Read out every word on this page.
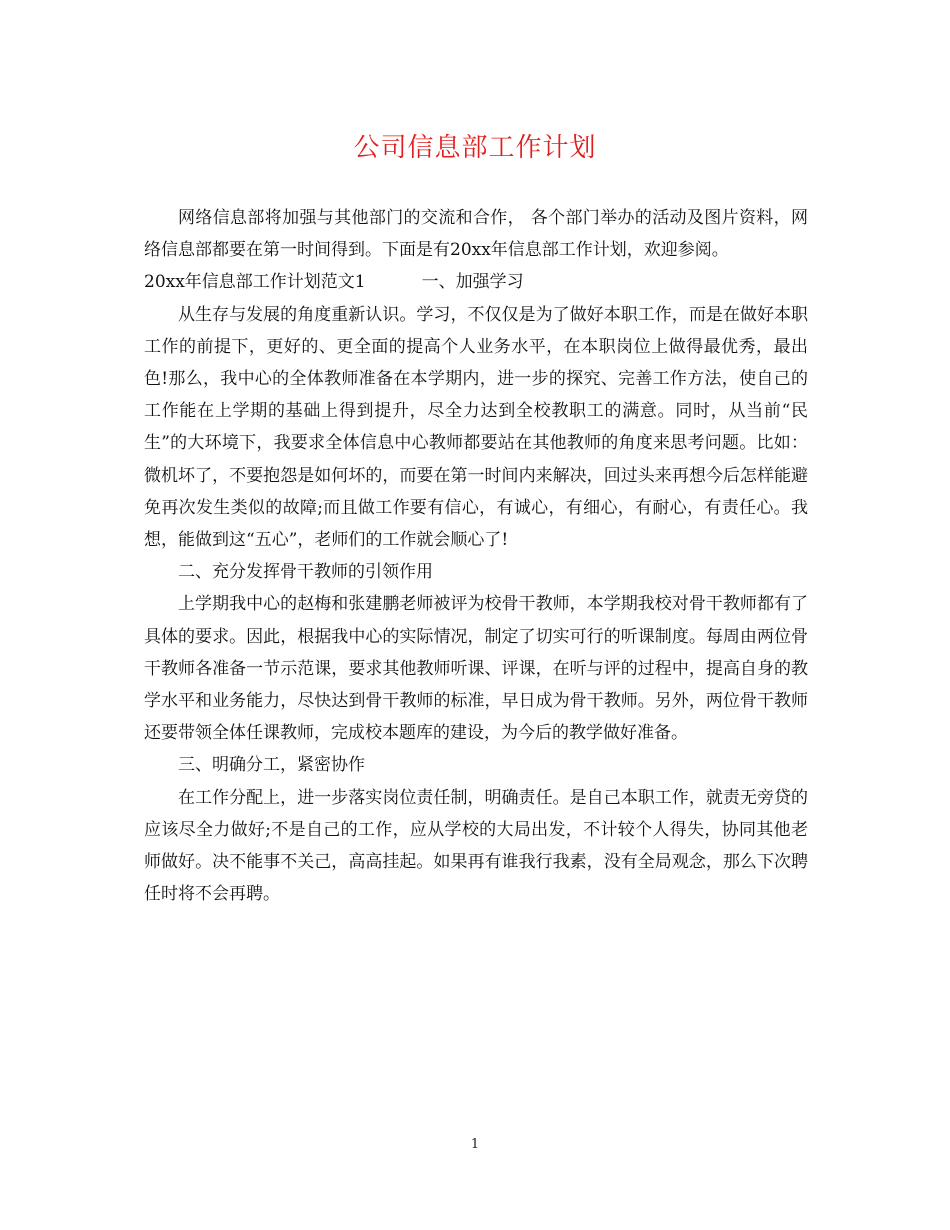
公司信息部工作计划

网络信息部将加强与其他部门的交流和合作， 各个部门举办的活动及图片资料，网络信息部都要在第一时间得到。下面是有20xx年信息部工作计划，欢迎参阅。

20xx年信息部工作计划范文1	一、加强学习

从生存与发展的角度重新认识。学习，不仅仅是为了做好本职工作，而是在做好本职工作的前提下，更好的、更全面的提高个人业务水平，在本职岗位上做得最优秀，最出色!那么，我中心的全体教师准备在本学期内，进一步的探究、完善工作方法，使自己的工作能在上学期的基础上得到提升，尽全力达到全校教职工的满意。同时，从当前“民生”的大环境下，我要求全体信息中心教师都要站在其他教师的角度来思考问题。比如：微机坏了，不要抱怨是如何坏的，而要在第一时间内来解决，回过头来再想今后怎样能避免再次发生类似的故障;而且做工作要有信心，有诚心，有细心，有耐心，有责任心。我想，能做到这“五心”，老师们的工作就会顺心了!

二、充分发挥骨干教师的引领作用

上学期我中心的赵梅和张建鹏老师被评为校骨干教师，本学期我校对骨干教师都有了具体的要求。因此，根据我中心的实际情况，制定了切实可行的听课制度。每周由两位骨干教师各准备一节示范课，要求其他教师听课、评课，在听与评的过程中，提高自身的教学水平和业务能力，尽快达到骨干教师的标准，早日成为骨干教师。另外，两位骨干教师还要带领全体任课教师，完成校本题库的建设，为今后的教学做好准备。

三、明确分工，紧密协作

在工作分配上，进一步落实岗位责任制，明确责任。是自己本职工作，就责无旁贷的应该尽全力做好;不是自己的工作，应从学校的大局出发，不计较个人得失，协同其他老师做好。决不能事不关己，高高挂起。如果再有谁我行我素，没有全局观念，那么下次聘任时将不会再聘。

1
